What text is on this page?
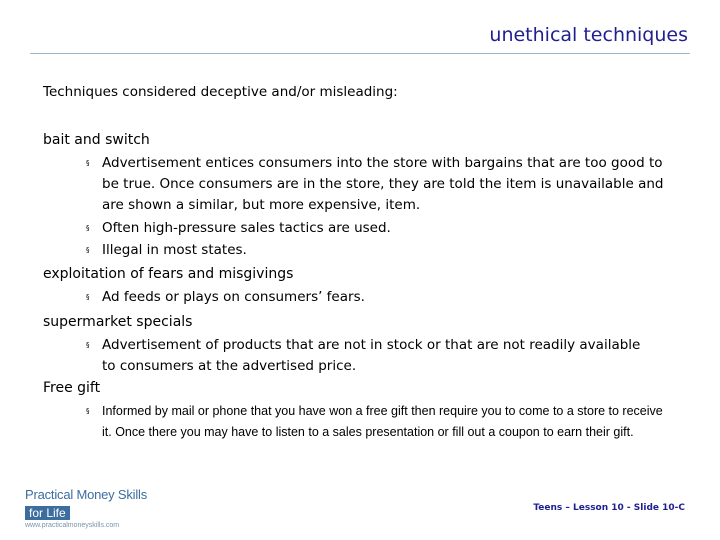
unethical techniques
Techniques considered deceptive and/or misleading:
bait and switch
§ Advertisement entices consumers into the store with bargains that are too good to be true. Once consumers are in the store, they are told the item is unavailable and are shown a similar, but more expensive, item.
§ Often high-pressure sales tactics are used.
§ Illegal in most states.
exploitation of fears and misgivings
§ Ad feeds or plays on consumers’ fears.
supermarket specials
§ Advertisement of products that are not in stock or that are not readily available to consumers at the advertised price.
Free gift
§ Informed by mail or phone that you have won a free gift then require you to come to a store to receive it. Once there you may have to listen to a sales presentation or fill out a coupon to earn their gift.
Practical Money Skills
for Life
www.practicalmoneyskills.com
Teens – Lesson 10 - Slide 10-C
